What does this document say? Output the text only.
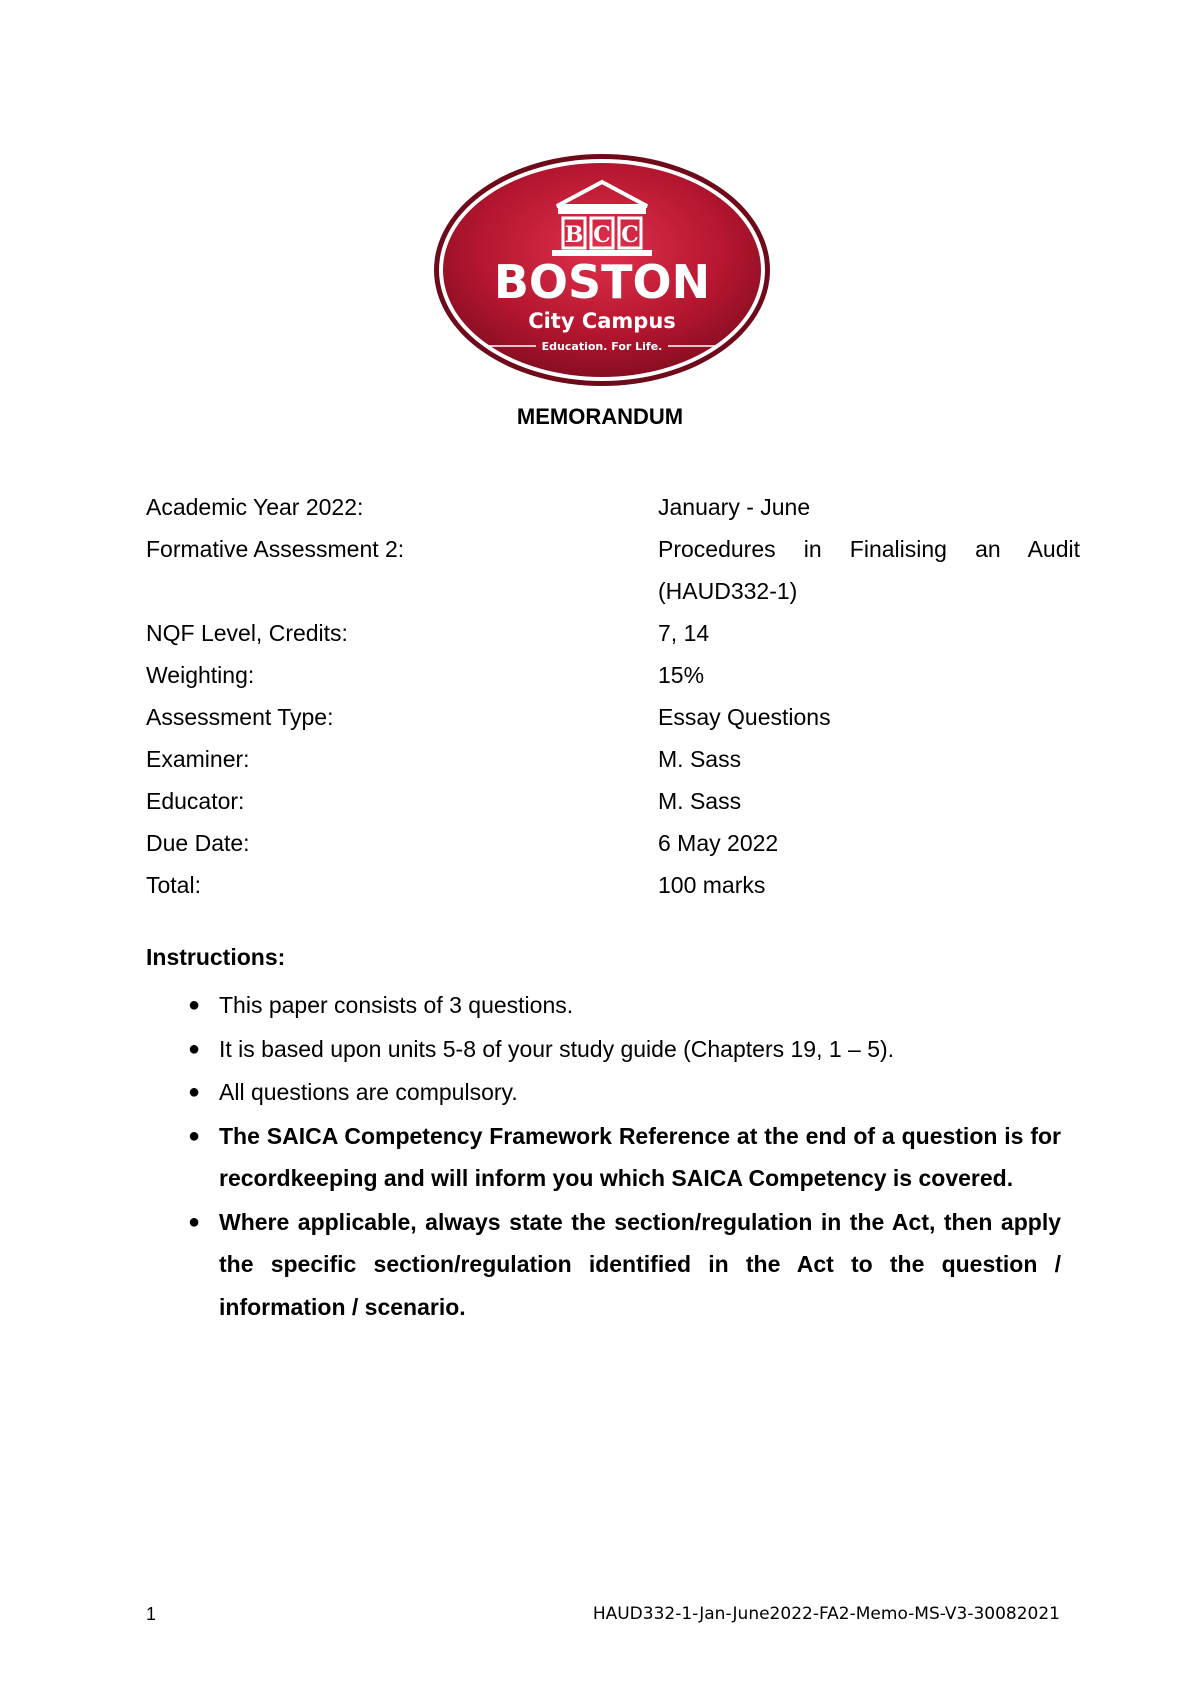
B C C
BOSTON
City Campus
Education. For Life.
MEMORANDUM
Academic Year 2022:	January - June
Formative Assessment 2:	Procedures in Finalising an Audit (HAUD332-1)
NQF Level, Credits:	7, 14
Weighting:	15%
Assessment Type:	Essay Questions
Examiner:	M. Sass
Educator:	M. Sass
Due Date:	6 May 2022
Total:	100 marks
Instructions:
● This paper consists of 3 questions.
● It is based upon units 5-8 of your study guide (Chapters 19, 1 – 5).
● All questions are compulsory.
● The SAICA Competency Framework Reference at the end of a question is for recordkeeping and will inform you which SAICA Competency is covered.
● Where applicable, always state the section/regulation in the Act, then apply the specific section/regulation identified in the Act to the question / information / scenario.
1	HAUD332-1-Jan-June2022-FA2-Memo-MS-V3-30082021
